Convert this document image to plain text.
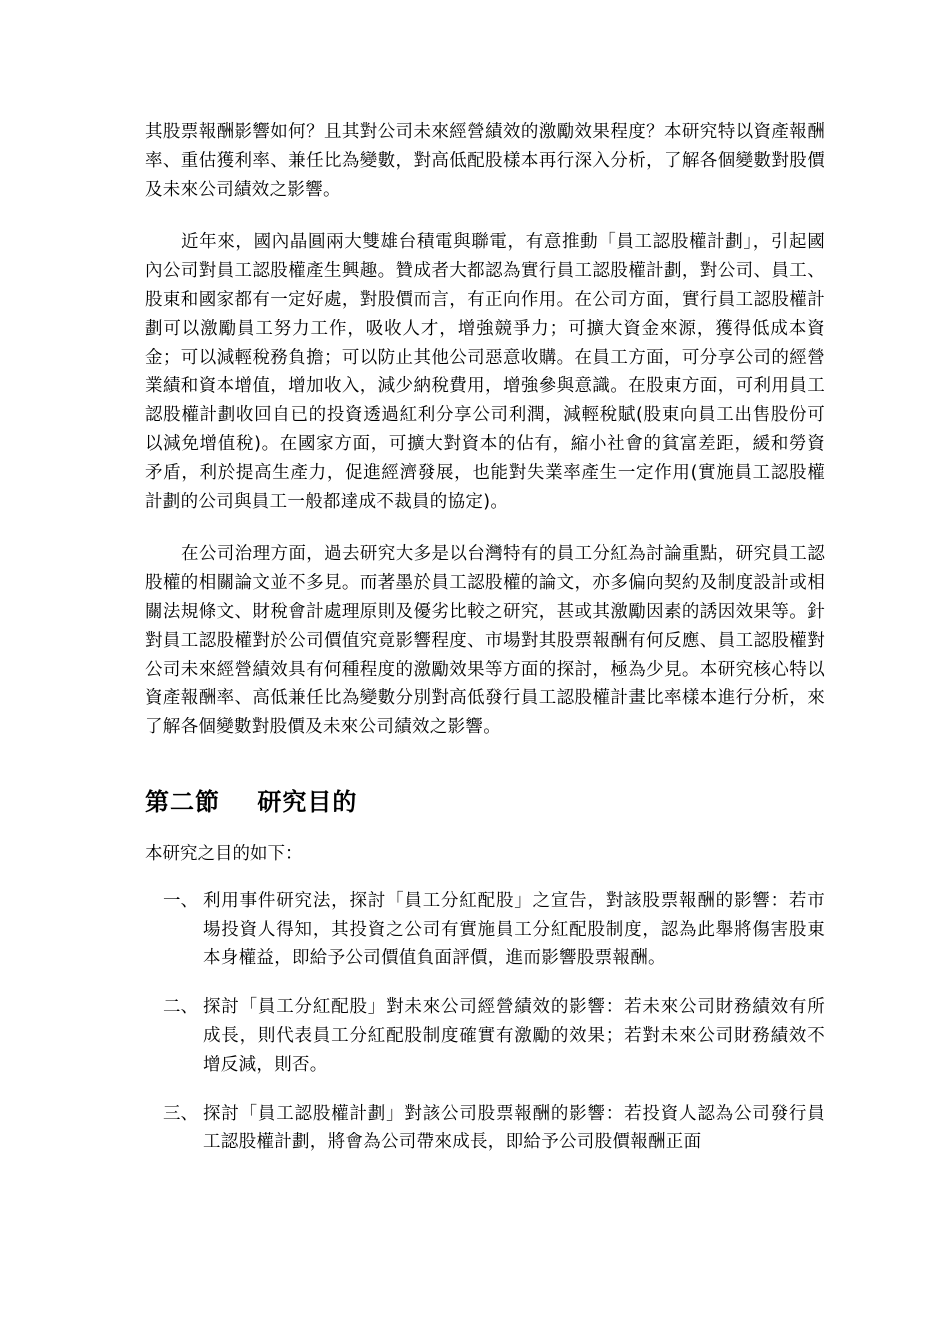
其股票報酬影響如何？且其對公司未來經營績效的激勵效果程度？本研究特以資產報酬率、重估獲利率、兼任比為變數，對高低配股樣本再行深入分析，了解各個變數對股價及未來公司績效之影響。

近年來，國內晶圓兩大雙雄台積電與聯電，有意推動「員工認股權計劃」，引起國內公司對員工認股權產生興趣。贊成者大都認為實行員工認股權計劃，對公司、員工、股東和國家都有一定好處，對股價而言，有正向作用。在公司方面，實行員工認股權計劃可以激勵員工努力工作，吸收人才，增強競爭力；可擴大資金來源，獲得低成本資金；可以減輕稅務負擔；可以防止其他公司惡意收購。在員工方面，可分享公司的經營業績和資本增值，增加收入，減少納稅費用，增強參與意識。在股東方面，可利用員工認股權計劃收回自已的投資透過紅利分享公司利潤，減輕稅賦(股東向員工出售股份可以減免增值稅)。在國家方面，可擴大對資本的佔有，縮小社會的貧富差距，緩和勞資矛盾，利於提高生產力，促進經濟發展，也能對失業率產生一定作用(實施員工認股權計劃的公司與員工一般都達成不裁員的協定)。

在公司治理方面，過去研究大多是以台灣特有的員工分紅為討論重點，研究員工認股權的相關論文並不多見。而著墨於員工認股權的論文，亦多偏向契約及制度設計或相關法規條文、財稅會計處理原則及優劣比較之研究，甚或其激勵因素的誘因效果等。針對員工認股權對於公司價值究竟影響程度、市場對其股票報酬有何反應、員工認股權對公司未來經營績效具有何種程度的激勵效果等方面的探討，極為少見。本研究核心特以資產報酬率、高低兼任比為變數分別對高低發行員工認股權計畫比率樣本進行分析，來了解各個變數對股價及未來公司績效之影響。

第二節 研究目的

本研究之目的如下：

一、 利用事件研究法，探討「員工分紅配股」之宣告，對該股票報酬的影響：若市場投資人得知，其投資之公司有實施員工分紅配股制度，認為此舉將傷害股東本身權益，即給予公司價值負面評價，進而影響股票報酬。
二、 探討「員工分紅配股」對未來公司經營績效的影響：若未來公司財務績效有所成長，則代表員工分紅配股制度確實有激勵的效果；若對未來公司財務績效不增反減，則否。
三、 探討「員工認股權計劃」對該公司股票報酬的影響：若投資人認為公司發行員工認股權計劃，將會為公司帶來成長，即給予公司股價報酬正面
